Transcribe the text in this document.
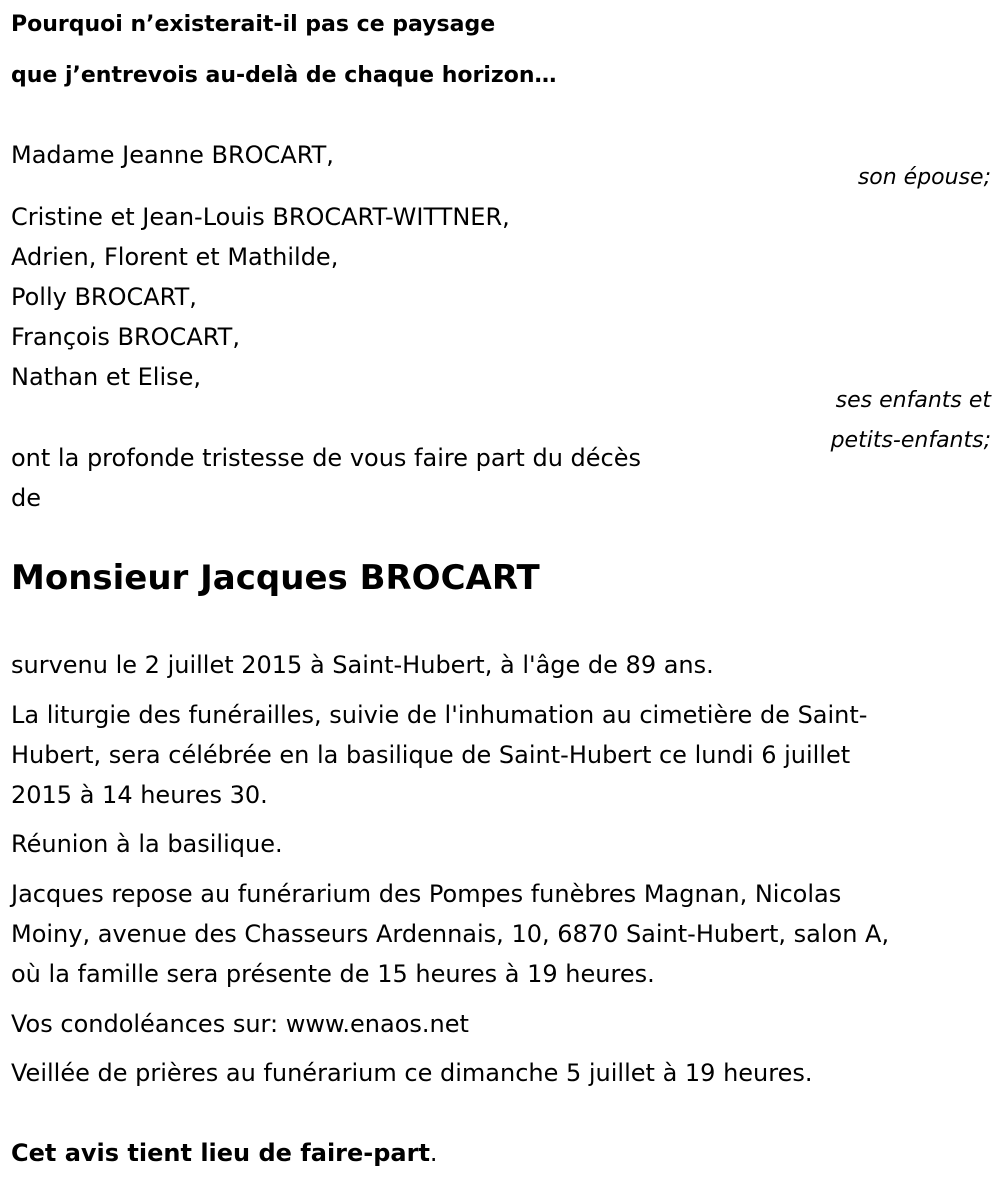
Pourquoi n’existerait-il pas ce paysage
que j’entrevois au-delà de chaque horizon…
Madame Jeanne BROCART,
son épouse;
Cristine et Jean-Louis BROCART-WITTNER,
Adrien, Florent et Mathilde,
Polly BROCART,
François BROCART,
Nathan et Elise,
ses enfants et
petits-enfants;
ont la profonde tristesse de vous faire part du décès
de
Monsieur Jacques BROCART
survenu le 2 juillet 2015 à Saint-Hubert, à l'âge de 89 ans.
La liturgie des funérailles, suivie de l'inhumation au cimetière de Saint-
Hubert, sera célébrée en la basilique de Saint-Hubert ce lundi 6 juillet
2015 à 14 heures 30.
Réunion à la basilique.
Jacques repose au funérarium des Pompes funèbres Magnan, Nicolas
Moiny, avenue des Chasseurs Ardennais, 10, 6870 Saint-Hubert, salon A,
où la famille sera présente de 15 heures à 19 heures.
Vos condoléances sur: www.enaos.net
Veillée de prières au funérarium ce dimanche 5 juillet à 19 heures.
Cet avis tient lieu de faire-part.
